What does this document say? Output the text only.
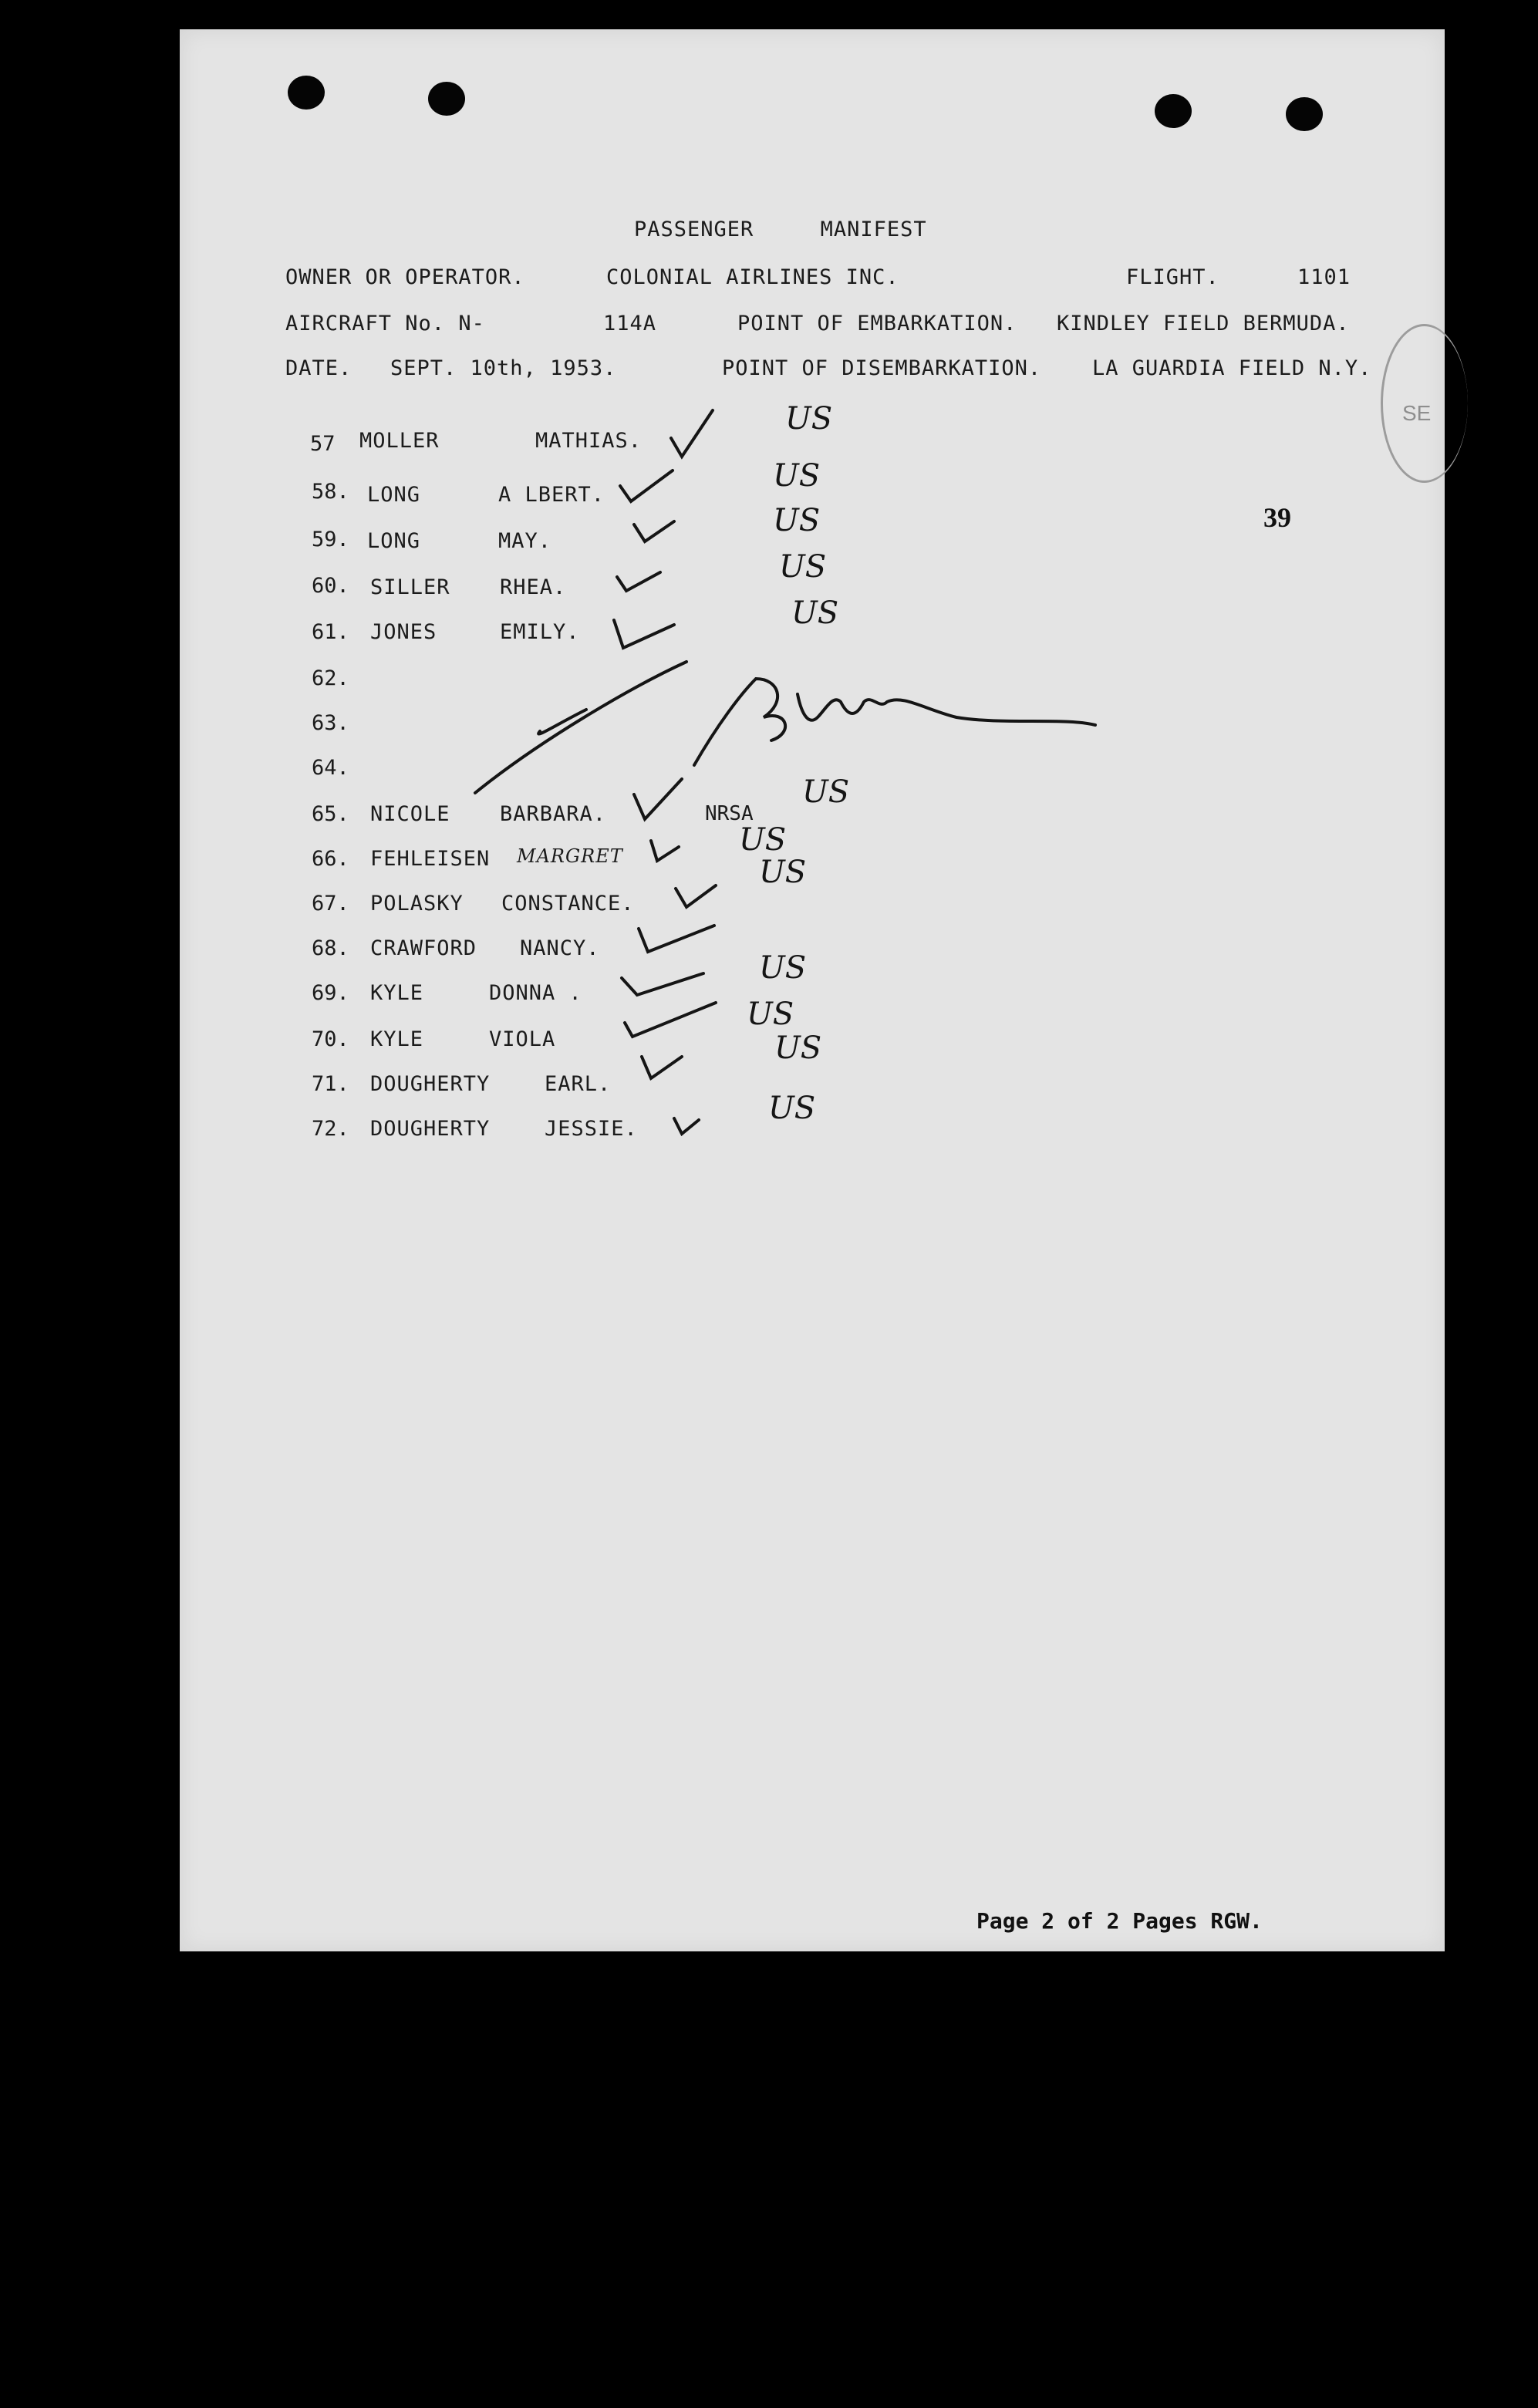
SE
PASSENGER     MANIFEST
OWNER OR OPERATOR.	COLONIAL AIRLINES INC.	FLIGHT.	1101
AIRCRAFT No. N-	114A	POINT OF EMBARKATION. KINDLEY FIELD BERMUDA.
DATE. SEPT. 10th, 1953.	POINT OF DISEMBARKATION. LA GUARDIA FIELD N.Y.
39
57 MOLLER	MATHIAS.
US
58. LONG	A LBERT.
US
59. LONG	MAY.
US
60. SILLER RHEA.
US
61. JONES	EMILY.
US
62.
63.
64.
65. NICOLE BARBARA.	NRSA
US
66. FEHLEISEN MARGRET	US
67. POLASKY CONSTANCE.
US
68. CRAWFORD NANCY.
69. KYLE	DONNA .
US
70. KYLE	VIOLA
US
71. DOUGHERTY	EARL.
US
72. DOUGHERTY	JESSIE.
US
Page 2 of 2 Pages RGW.
